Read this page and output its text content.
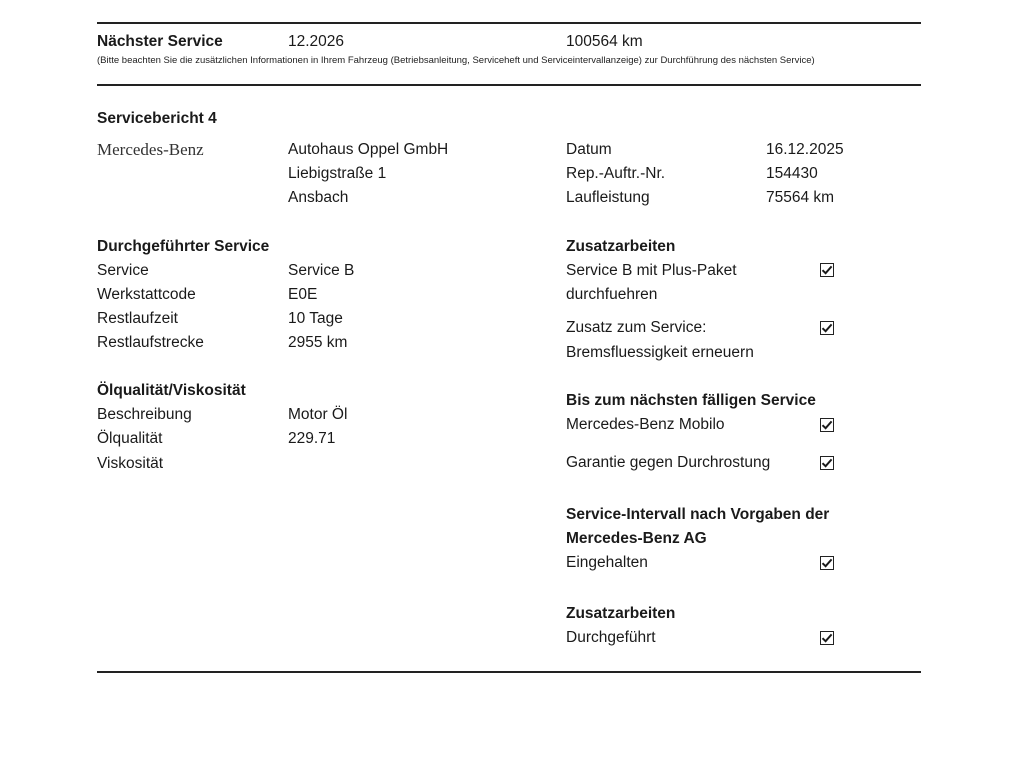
Nächster Service	12.2026	100564 km
(Bitte beachten Sie die zusätzlichen Informationen in Ihrem Fahrzeug (Betriebsanleitung, Serviceheft und Serviceintervallanzeige) zur Durchführung des nächsten Service)
Servicebericht 4
Mercedes-Benz	Autohaus Oppel GmbH
Liebigstraße 1
Ansbach
Datum	16.12.2025
Rep.-Auftr.-Nr.	154430
Laufleistung	75564 km
Durchgeführter Service
Service	Service B
Werkstattcode	E0E
Restlaufzeit	10 Tage
Restlaufstrecke	2955 km
Ölqualität/Viskosität
Beschreibung	Motor Öl
Ölqualität	229.71
Viskosität
Zusatzarbeiten
Service B mit Plus-Paket
durchfuehren
Zusatz zum Service:
Bremsfluessigkeit erneuern
Bis zum nächsten fälligen Service
Mercedes-Benz Mobilo
Garantie gegen Durchrostung
Service-Intervall nach Vorgaben der
Mercedes-Benz AG
Eingehalten
Zusatzarbeiten
Durchgeführt
